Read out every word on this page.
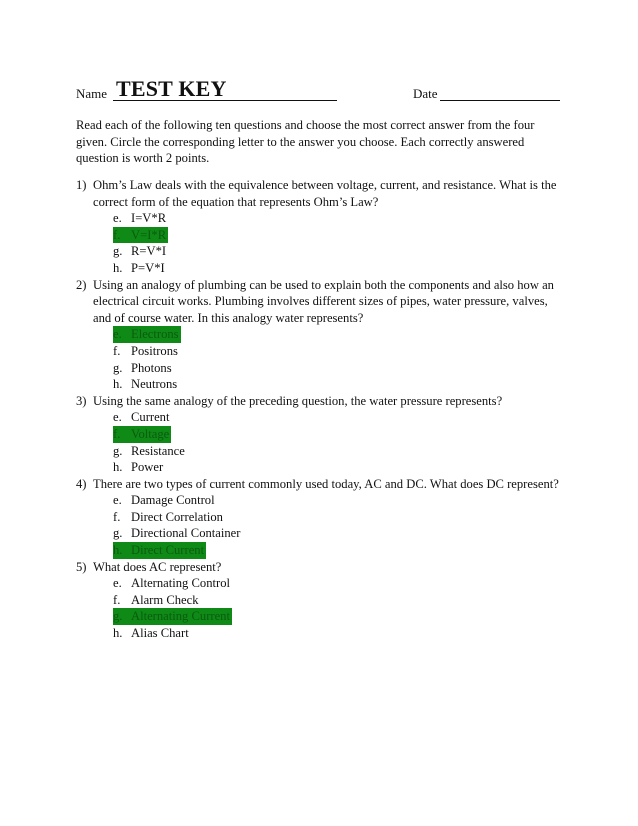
Name TEST KEY	Date
Read each of the following ten questions and choose the most correct answer from the four
given. Circle the corresponding letter to the answer you choose. Each correctly answered
question is worth 2 points.
1) Ohm’s Law deals with the equivalence between voltage, current, and resistance. What is the
correct form of the equation that represents Ohm’s Law?
e. I=V*R
f. V=I*R
g. R=V*I
h. P=V*I
2) Using an analogy of plumbing can be used to explain both the components and also how an
electrical circuit works. Plumbing involves different sizes of pipes, water pressure, valves,
and of course water. In this analogy water represents?
e. Electrons
f. Positrons
g. Photons
h. Neutrons
3) Using the same analogy of the preceding question, the water pressure represents?
e. Current
f. Voltage
g. Resistance
h. Power
4) There are two types of current commonly used today, AC and DC. What does DC represent?
e. Damage Control
f. Direct Correlation
g. Directional Container
h. Direct Current
5) What does AC represent?
e. Alternating Control
f. Alarm Check
g. Alternating Current
h. Alias Chart
